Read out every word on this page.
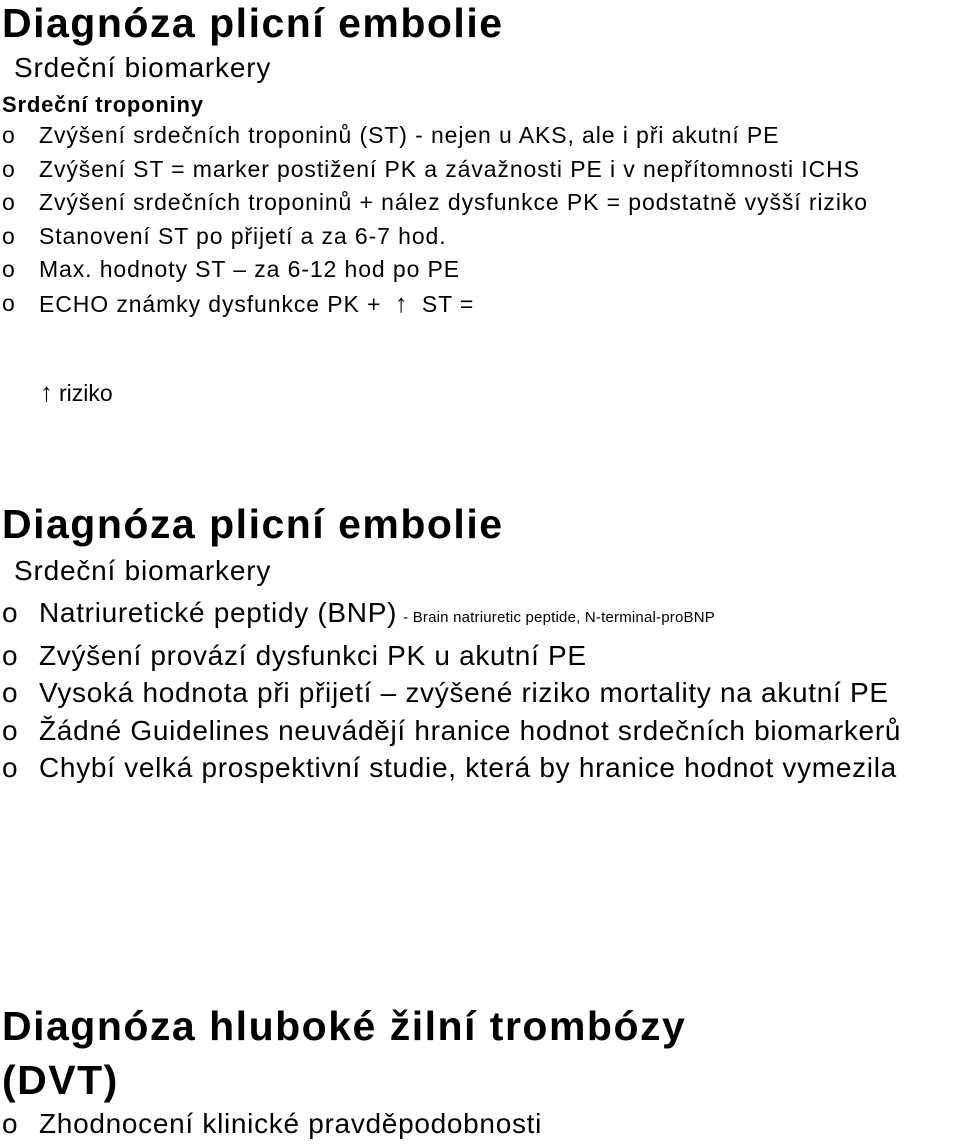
Diagnóza plicní embolie
Srdeční biomarkery
Srdeční troponiny
o Zvýšení srdečních troponinů (ST) - nejen u AKS, ale i při akutní PE
o Zvýšení ST = marker postižení PK a závažnosti PE i v nepřítomnosti ICHS
o Zvýšení srdečních troponinů + nález dysfunkce PK = podstatně vyšší riziko
o Stanovení ST po přijetí a za 6-7 hod.
o Max. hodnoty ST – za 6-12 hod po PE
o ECHO známky dysfunkce PK + ↑ ST =
↑ riziko
Diagnóza plicní embolie
Srdeční biomarkery
o Natriuretické peptidy (BNP) - Brain natriuretic peptide, N-terminal-proBNP
o Zvýšení provází dysfunkci PK u akutní PE
o Vysoká hodnota při přijetí – zvýšené riziko mortality na akutní PE
o Žádné Guidelines neuvádějí hranice hodnot srdečních biomarkerů
o Chybí velká prospektivní studie, která by hranice hodnot vymezila
Diagnóza hluboké žilní trombózy
(DVT)
o Zhodnocení klinické pravděpodobnosti
